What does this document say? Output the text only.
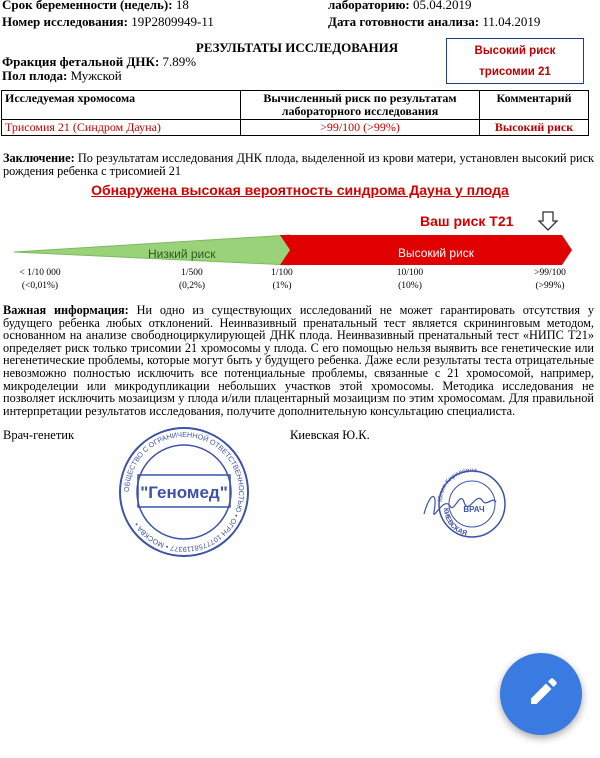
Срок беременности (недель): 18	лабораторию: 05.04.2019
Номер исследования: 19P2809949-11	Дата готовности анализа: 11.04.2019
РЕЗУЛЬТАТЫ ИССЛЕДОВАНИЯ
Фракция фетальной ДНК: 7.89%
Пол плода: Мужской
Высокий риск
трисомии 21
Исследуемая хромосома	Вычисленный риск по результатам лабораторного исследования	Комментарий
Трисомия 21 (Синдром Дауна)	>99/100 (>99%)	Высокий риск
Заключение: По результатам исследования ДНК плода, выделенной из крови матери, установлен высокий риск рождения ребенка с трисомией 21
Обнаружена высокая вероятность синдрома Дауна у плода
Ваш риск Т21
Низкий риск	Высокий риск
< 1/10 000	1/500	1/100	10/100	>99/100
(<0,01%)	(0,2%)	(1%)	(10%)	(>99%)
Важная информация: Ни одно из существующих исследований не может гарантировать отсутствия у будущего ребенка любых отклонений. Неинвазивный пренатальный тест является скрининговым методом, основанном на анализе свободноциркулирующей ДНК плода. Неинвазивный пренатальный тест «НИПС Т21» определяет риск только трисомии 21 хромосомы у плода. С его помощью нельзя выявить все генетические или негенетические проблемы, которые могут быть у будущего ребенка. Даже если результаты теста отрицательные невозможно полностью исключить все потенциальные проблемы, связанные с 21 хромосомой, например, микроделеции или микродупликации небольших участков этой хромосомы. Методика исследования не позволяет исключить мозаицизм у плода и/или плацентарный мозаицизм по этим хромосомам. Для правильной интерпретации результатов исследования, получите дополнительную консультацию специалиста.
Врач-генетик	Киевская Ю.К.
ОБЩЕСТВО С ОГРАНИЧЕННОЙ ОТВЕТСТВЕННОСТЬЮ • ОГРН 1077758119377 • МОСКВА •
"Геномед"	Юлия Кириловна
КИЕВСКАЯ
ВРАЧ
